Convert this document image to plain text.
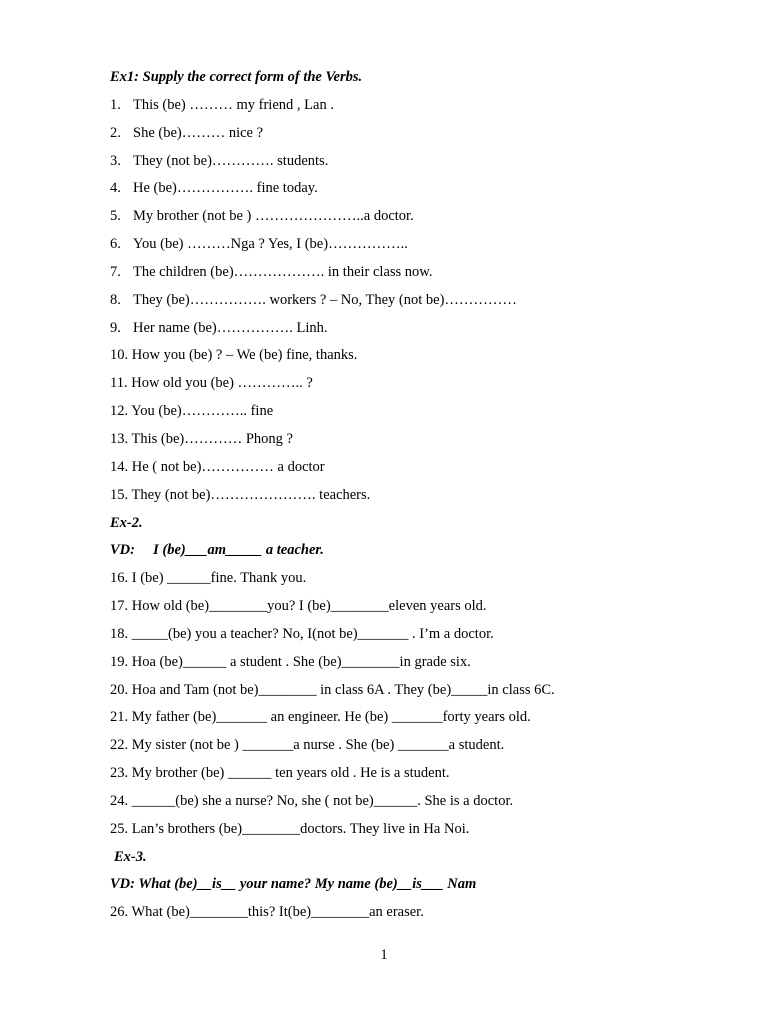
Ex1: Supply the correct form of the Verbs.
1. This (be) ……… my friend , Lan .
2. She (be)……… nice ?
3. They (not be)…………. students.
4. He (be)……………. fine today.
5. My brother (not be ) …………………..a doctor.
6. You (be) ………Nga ? Yes, I (be)……………..
7. The children (be)………………. in their class now.
8. They (be)……………. workers ? – No, They (not be)……………
9. Her name (be)……………. Linh.
10. How you (be) ? – We (be) fine, thanks.
11. How old you (be) ………….. ?
12. You (be)………….. fine
13. This (be)………… Phong ?
14. He ( not be)…………… a doctor
15. They (not be)…………………. teachers.
Ex-2.
VD:     I (be)___am_____ a teacher.
16. I (be) ______fine. Thank you.
17. How old (be)________you? I (be)________eleven years old.
18. _____(be) you a teacher? No, I(not be)_______ . I’m a doctor.
19. Hoa (be)______ a student . She (be)________in grade six.
20. Hoa and Tam (not be)________ in class 6A . They (be)_____in class 6C.
21. My father (be)_______ an engineer. He (be) _______forty years old.
22. My sister (not be ) _______a nurse . She (be) _______a student.
23. My brother (be) ______ ten years old . He is a student.
24. ______(be) she a nurse? No, she ( not be)______. She is a doctor.
25. Lan’s brothers (be)________doctors. They live in Ha Noi.
Ex-3.
VD: What (be)__is__ your name? My name (be)__is___ Nam
26. What (be)________this? It(be)________an eraser.
1
